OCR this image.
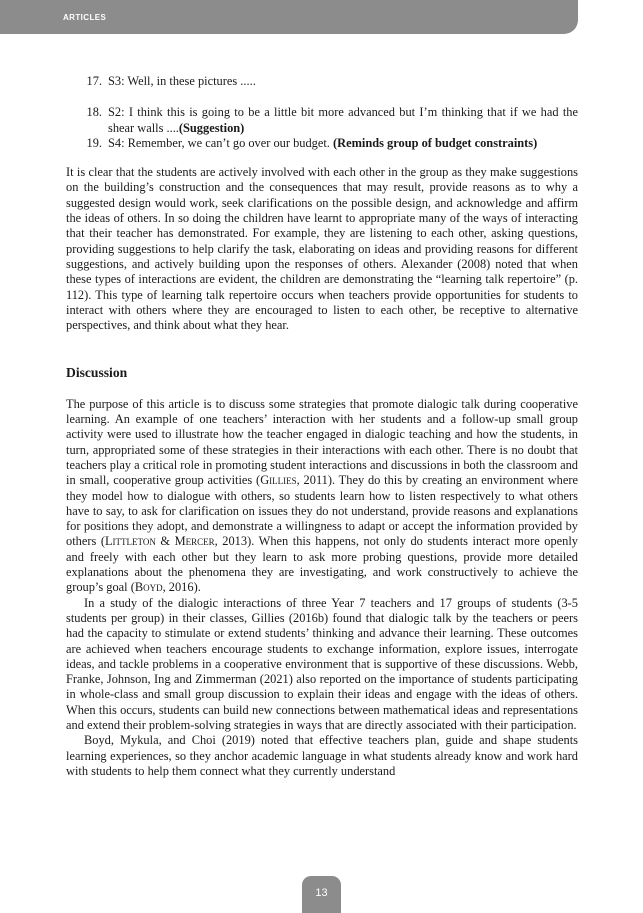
ARTICLES
17. S3: Well, in these pictures .....
18. S2: I think this is going to be a little bit more advanced but I’m thinking that if we had the shear walls ....(Suggestion)
19. S4: Remember, we can’t go over our budget. (Reminds group of budget constraints)

It is clear that the students are actively involved with each other in the group as they make suggestions on the building’s construction and the consequences that may result, provide reasons as to why a suggested design would work, seek clarifications on the possible design, and acknowledge and affirm the ideas of others. In so doing the children have learnt to appropriate many of the ways of interacting that their teacher has demonstrated. For example, they are listening to each other, asking questions, providing suggestions to help clarify the task, elaborating on ideas and providing reasons for different suggestions, and actively building upon the responses of others. Alexander (2008) noted that when these types of interactions are evident, the children are demonstrating the “learning talk repertoire” (p. 112). This type of learning talk repertoire occurs when teachers provide opportunities for students to interact with others where they are encouraged to listen to each other, be receptive to alternative perspectives, and think about what they hear.

Discussion

The purpose of this article is to discuss some strategies that promote dialogic talk during cooperative learning. An example of one teachers’ interaction with her students and a follow-up small group activity were used to illustrate how the teacher engaged in dialogic teaching and how the students, in turn, appropriated some of these strategies in their interactions with each other. There is no doubt that teachers play a critical role in promoting student interactions and discussions in both the classroom and in small, cooperative group activities (Gillies, 2011). They do this by creating an environment where they model how to dialogue with others, so students learn how to listen respectively to what others have to say, to ask for clarification on issues they do not understand, provide reasons and explanations for positions they adopt, and demonstrate a willingness to adapt or accept the information provided by others (Littleton & Mercer, 2013). When this happens, not only do students interact more openly and freely with each other but they learn to ask more probing questions, provide more detailed explanations about the phenomena they are investigating, and work constructively to achieve the group’s goal (Boyd, 2016).

In a study of the dialogic interactions of three Year 7 teachers and 17 groups of students (3-5 students per group) in their classes, Gillies (2016b) found that dialogic talk by the teachers or peers had the capacity to stimulate or extend students’ thinking and advance their learning. These outcomes are achieved when teachers encourage students to exchange information, explore issues, interrogate ideas, and tackle problems in a cooperative environment that is supportive of these discussions. Webb, Franke, Johnson, Ing and Zimmerman (2021) also reported on the importance of students participating in whole-class and small group discussion to explain their ideas and engage with the ideas of others. When this occurs, students can build new connections between mathematical ideas and representations and extend their problem-solving strategies in ways that are directly associated with their participation.

Boyd, Mykula, and Choi (2019) noted that effective teachers plan, guide and shape students learning experiences, so they anchor academic language in what students already know and work hard with students to help them connect what they currently understand

13
